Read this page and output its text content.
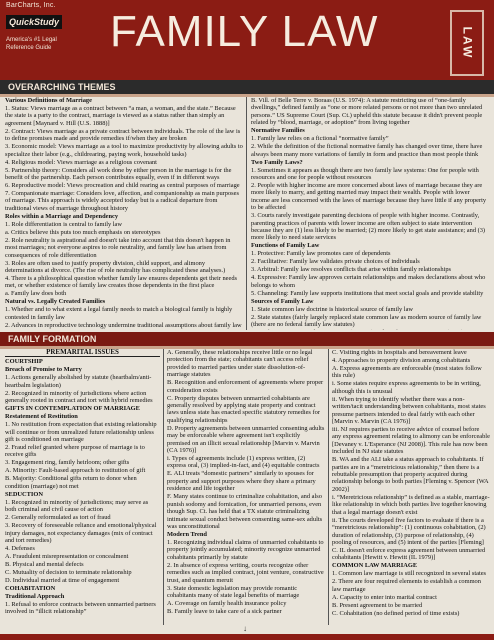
BarCharts, Inc.
QuickStudy
America's #1 Legal Reference Guide	FAMILY LAW	LAW
OVERARCHING THEMES

Various Definitions of Marriage

1. Status: Views marriage as a contract between “a man, a woman, and the state.” Because the state is a party to the contract, marriage is viewed as a status rather than simply an agreement [Maynard v. Hill (U.S. 1888)]

2. Contract: Views marriage as a private contract between individuals. The role of the law is to define promises made and provide remedies if/when they are broken

3. Economic model: Views marriage as a tool to maximize productivity by allowing adults to specialize their labor (e.g., childrearing, paying work, household tasks)

4. Religious model: Views marriage as a religious covenant

5. Partnership theory: Considers all work done by either person in the marriage is for the benefit of the partnership. Each person contributes equally, even if in different ways

6. Reproductive model: Views procreation and child rearing as central purposes of marriage

7. Companionate marriage: Considers love, affection, and companionship as main purposes of marriage. This approach is widely accepted today but is a radical departure from traditional views of marriage throughout history

Roles within a Marriage and Dependency

1. Role differentiation is central to family law

a. Critics believe this puts too much emphasis on stereotypes

2. Role neutrality is aspirational and doesn't take into account that this doesn't happen in most marriages; not everyone aspires to role neutrality, and family law has arisen from consequences of role differentiation

3. Roles are often used to justify property division, child support, and alimony determinations at divorce. (The rise of role neutrality has complicated these analyses.)

4. There is a philosophical question whether family law ensures dependents get their needs met, or whether existence of family law creates those dependents in the first place

a. Family law does both

Natural vs. Legally Created Families

1. Whether and to what extent a legal family needs to match a biological family is highly contested in family law

2. Advances in reproductive technology undermine traditional assumptions about family law

B. Vill. of Belle Terre v. Boraas (U.S. 1974): A statute restricting use of “one-family dwellings,” defined family as “one or more related persons or not more than two unrelated persons.” US Supreme Court (Sup. Ct.) upheld this statute because it didn't prevent people related by “blood, marriage, or adoption” from living together

Normative Families

1. Family law relies on a fictional “normative family”

2. While the definition of the fictional normative family has changed over time, there have always been many more variations of family in form and practice than most people think

Two Family Laws?

1. Sometimes it appears as though there are two family law systems: One for people with resources and one for people without resources

2. People with higher income are more concerned about laws of marriage because they are more likely to marry, and getting married may impact their wealth. People with lower income are less concerned with the laws of marriage because they have little if any property to be affected

3. Courts rarely investigate parenting decisions of people with higher income. Contrastly, parenting practices of parents with lower income are often subject to state intervention because they are (1) less likely to be married; (2) more likely to get state assistance; and (3) more likely to need state services

Functions of Family Law

1. Protective: Family law promotes care of dependents

2. Facilitative: Family law validates private choices of individuals

3. Arbitral: Family law resolves conflicts that arise within family relationships

4. Expressive: Family law approves certain relationships and makes declarations about who belongs to whom

5. Channeling: Family law supports institutions that meet social goals and provide stability

Sources of Family Law

1. State common law doctrine is historical source of family law

2. State statutes (fairly largely replaced state common law as modern source of family law (there are no federal family law statutes)

FAMILY FORMATION
PREMARITAL ISSUES

COURTSHIP

Breach of Promise to Marry

1. Actions generally abolished by statute (heartbalm/anti-heartbalm legislation)

2. Recognized in minority of jurisdictions where action generally rooted in contract and tort with hybrid remedies

GIFTS IN CONTEMPLATION OF MARRIAGE

Restatement of Restitution

1. No restitution from expectation that existing relationship will continue or from unrealized future relationship unless gift is conditioned on marriage

2. Fraud relief granted where purpose of marriage is to receive gifts

3. Engagement ring, family heirloom; other gifts

A. Minority: Fault-based approach to restitution of gift

B. Majority: Conditional gifts return to donor when condition (marriage) not met

SEDUCTION

1. Recognized in minority of jurisdictions; may serve as both criminal and civil cause of action

2. Generally reformulated as tort of fraud

3. Recovery of foreseeable reliance and emotional/physical injury damages, not expectancy damages (mix of contract and tort remedies)

4. Defenses

A. Fraudulent misrepresentation or concealment

B. Physical and mental defects

C. Mutuality of decision to terminate relationship

D. Individual married at time of engagement

COHABITATION

Traditional Approach

1. Refusal to enforce contracts between unmarried partners involved in “illicit relationship”

A. Generally, these relationships receive little or no legal protection from the state; cohabitants can't access relief provided to married parties under state dissolution-of-marriage statutes

B. Recognition and enforcement of agreements where proper consideration exists

C. Property disputes between unmarried cohabitants are generally resolved by applying state property and contract laws unless state has enacted specific statutory remedies for qualifying relationships

D. Property agreements between unmarried consenting adults may be enforceable where agreement isn't explicitly premised on an illicit sexual relationship [Marvin v. Marvin (CA 1976)]

i. Types of agreements include (1) express written, (2) express oral, (3) implied-in-fact, and (4) equitable contracts

E. ALI treats “domestic partners” similarly to spouses for property and support purposes where they share a primary residence and life together

F. Many states continue to criminalize cohabitation, and also punish sodomy and fornication, for unmarried persons, even though Sup. Ct. has held that a TX statute criminalizing intimate sexual conduct between consenting same-sex adults was unconstitutional

Modern Trend

1. Recognizing individual claims of unmarried cohabitants to property jointly accumulated; minority recognize unmarried cohabitants primarily by statute

2. In absence of express writing, courts recognize other remedies such as implied contract, joint venture, constructive trust, and quantum meruit

3. State domestic legislation may provide romantic cohabitants many of state legal benefits of marriage

A. Coverage on family health insurance policy

B. Family leave to take care of a sick partner

C. Visiting rights in hospitals and bereavement leave

4. Approaches to property division among cohabitants

A. Express agreements are enforceable (most states follow this rule)

i. Some states require express agreements to be in writing, although this is unusual

ii. When trying to identify whether there was a non-written/tacit understanding between cohabitants, most states presume partners intended to deal fairly with each other [Marvin v. Marvin (CA 1976)]

iii. NJ requires parties to receive advice of counsel before any express agreement relating to alimony can be enforceable [Devaney v. L'Esperance (NJ 2008)]. This rule has now been included in NJ state statutes

B. WA and the ALI take a status approach to cohabitants. If parties are in a “meretricious relationship,” then there is a rebuttable presumption that property acquired during relationship belongs to both parties [Fleming v. Spencer (WA 2002)]

i. “Meretricious relationship” is defined as a stable, marriage-like relationship in which both parties live together knowing that a legal marriage doesn't exist

ii. The courts developed five factors to evaluate if there is a “meretricious relationship”: (1) continuous cohabitation, (2) duration of relationship, (3) purpose of relationship, (4) pooling of resources, and (5) intent of the parties [Fleming]

C. IL doesn't enforce express agreement between unmarried cohabitants [Hewitt v. Hewitt (IL 1979)]

COMMON LAW MARRIAGE

1. Common law marriage is still recognized in several states

2. There are four required elements to establish a common law marriage

A. Capacity to enter into marital contract

B. Present agreement to be married

C. Cohabitation (no defined period of time exists)

↓
